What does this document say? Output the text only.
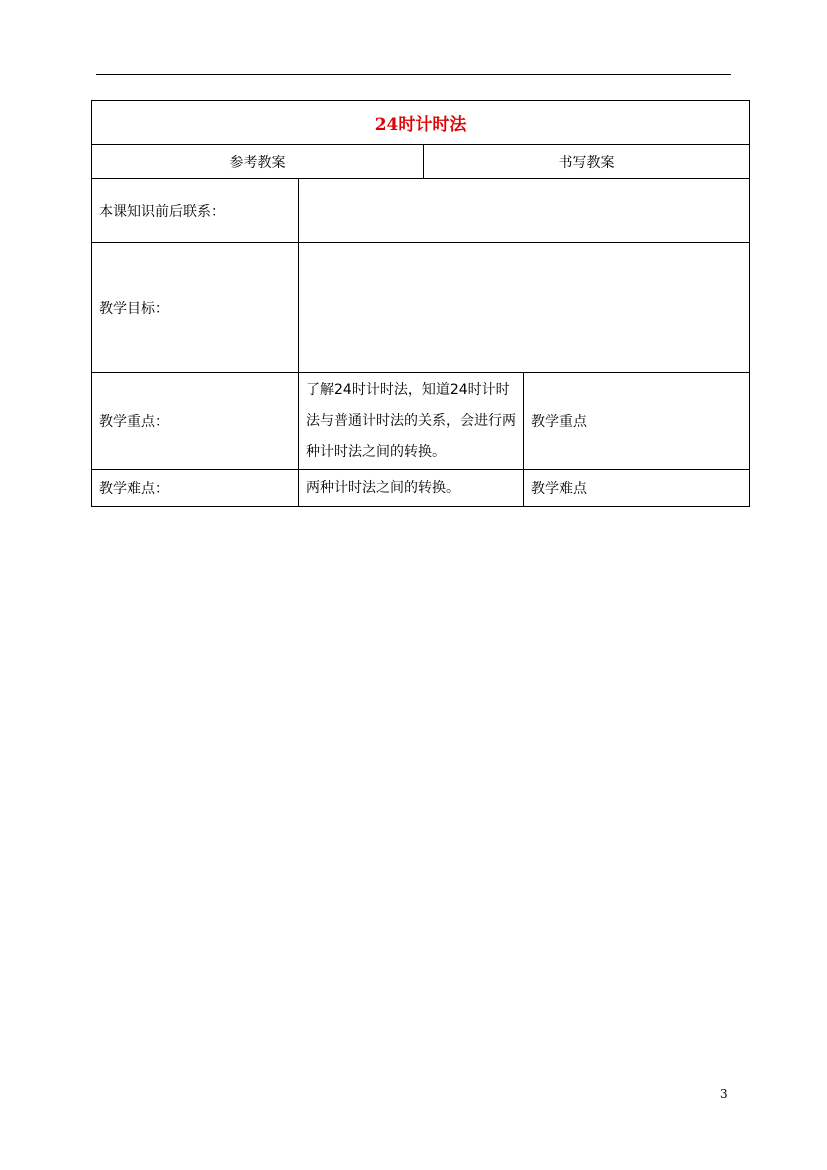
24时计时法			
参考教案		书写教案	
本课知识前后联系：			
教学目标：			
教学重点：	了解24时计时法，知道24时计时法与普通计时法的关系，会进行两种计时法之间的转换。		教学重点
教学难点：	两种计时法之间的转换。		教学难点
3
